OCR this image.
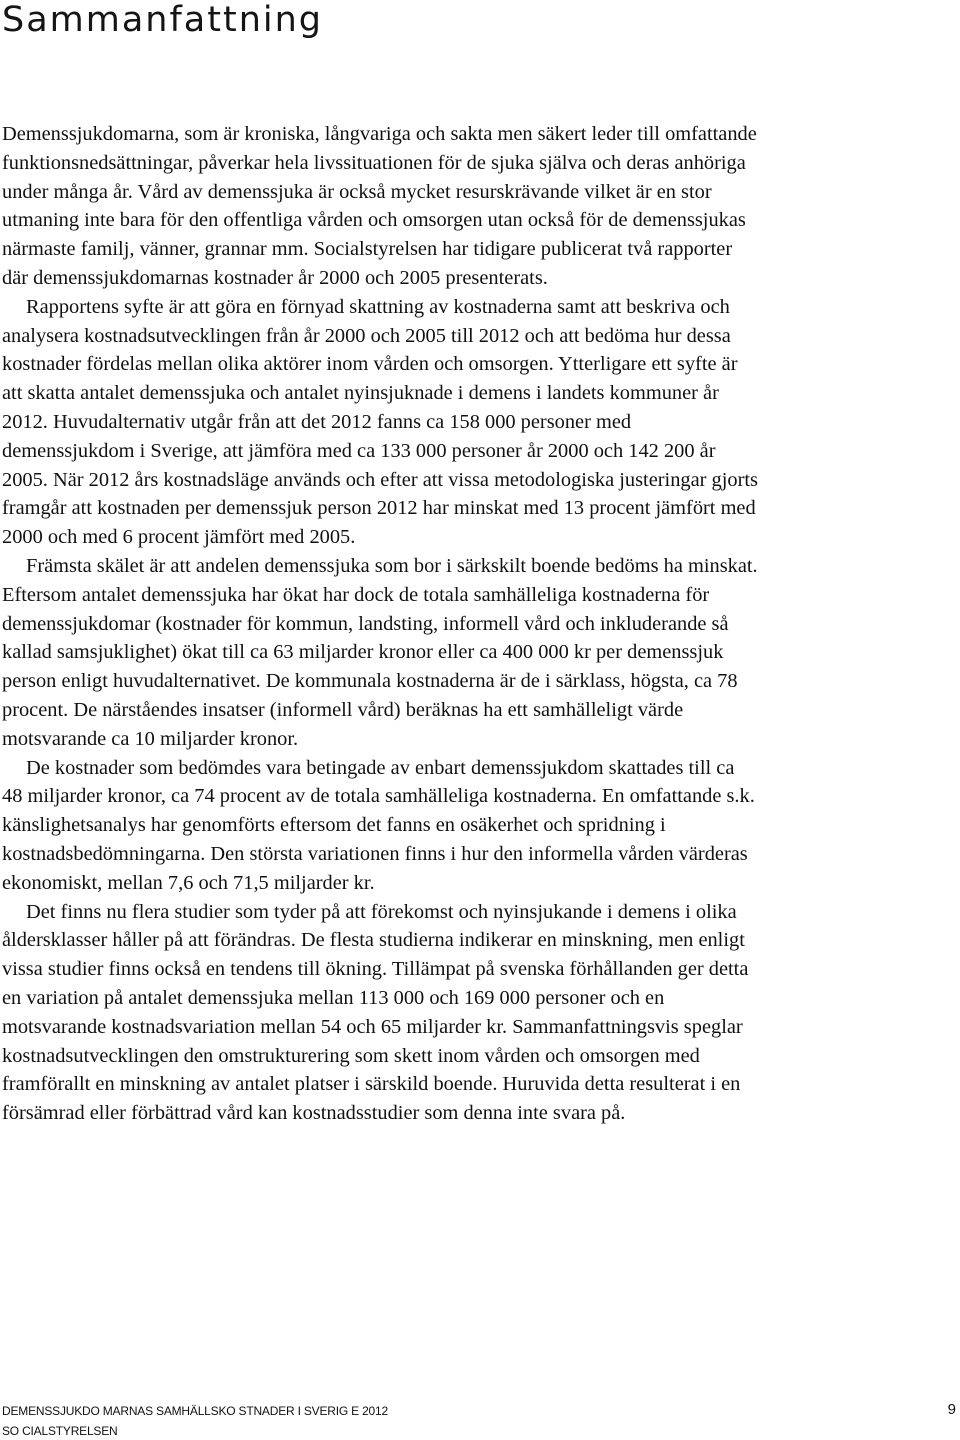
Sammanfattning

Demenssjukdomarna, som är kroniska, långvariga och sakta men säkert leder till omfattande funktionsnedsättningar, påverkar hela livssituationen för de sjuka själva och deras anhöriga under många år. Vård av demenssjuka är också mycket resurskrävande vilket är en stor utmaning inte bara för den offentliga vården och omsorgen utan också för de demenssjukas närmaste familj, vänner, grannar mm. Socialstyrelsen har tidigare publicerat två rapporter där demenssjukdomarnas kostnader år 2000 och 2005 presenterats.

Rapportens syfte är att göra en förnyad skattning av kostnaderna samt att beskriva och analysera kostnadsutvecklingen från år 2000 och 2005 till 2012 och att bedöma hur dessa kostnader fördelas mellan olika aktörer inom vården och omsorgen. Ytterligare ett syfte är att skatta antalet demenssjuka och antalet nyinsjuknade i demens i landets kommuner år 2012. Huvudalternativ utgår från att det 2012 fanns ca 158 000 personer med demenssjukdom i Sverige, att jämföra med ca 133 000 personer år 2000 och 142 200 år 2005. När 2012 års kostnadsläge används och efter att vissa metodologiska justeringar gjorts framgår att kostnaden per demenssjuk person 2012 har minskat med 13 procent jämfört med 2000 och med 6 procent jämfört med 2005.

Främsta skälet är att andelen demenssjuka som bor i särkskilt boende bedöms ha minskat. Eftersom antalet demenssjuka har ökat har dock de totala samhälleliga kostnaderna för demenssjukdomar (kostnader för kommun, landsting, informell vård och inkluderande så kallad samsjuklighet) ökat till ca 63 miljarder kronor eller ca 400 000 kr per demenssjuk person enligt huvudalternativet. De kommunala kostnaderna är de i särklass, högsta, ca 78 procent. De närståendes insatser (informell vård) beräknas ha ett samhälleligt värde motsvarande ca 10 miljarder kronor.

De kostnader som bedömdes vara betingade av enbart demenssjukdom skattades till ca 48 miljarder kronor, ca 74 procent av de totala samhälleliga kostnaderna. En omfattande s.k. känslighetsanalys har genomförts eftersom det fanns en osäkerhet och spridning i kostnadsbedömningarna. Den största variationen finns i hur den informella vården värderas ekonomiskt, mellan 7,6 och 71,5 miljarder kr.

Det finns nu flera studier som tyder på att förekomst och nyinsjukande i demens i olika åldersklasser håller på att förändras. De flesta studierna indikerar en minskning, men enligt vissa studier finns också en tendens till ökning. Tillämpat på svenska förhållanden ger detta en variation på antalet demenssjuka mellan 113 000 och 169 000 personer och en motsvarande kostnadsvariation mellan 54 och 65 miljarder kr. Sammanfattningsvis speglar kostnadsutvecklingen den omstrukturering som skett inom vården och omsorgen med framförallt en minskning av antalet platser i särskild boende. Huruvida detta resulterat i en försämrad eller förbättrad vård kan kostnadsstudier som denna inte svara på.

DEMENSSJUKDO MARNAS SAMHÄLLSKO STNADER I SVERIG E 2012
SO CIALSTYRELSEN
9
